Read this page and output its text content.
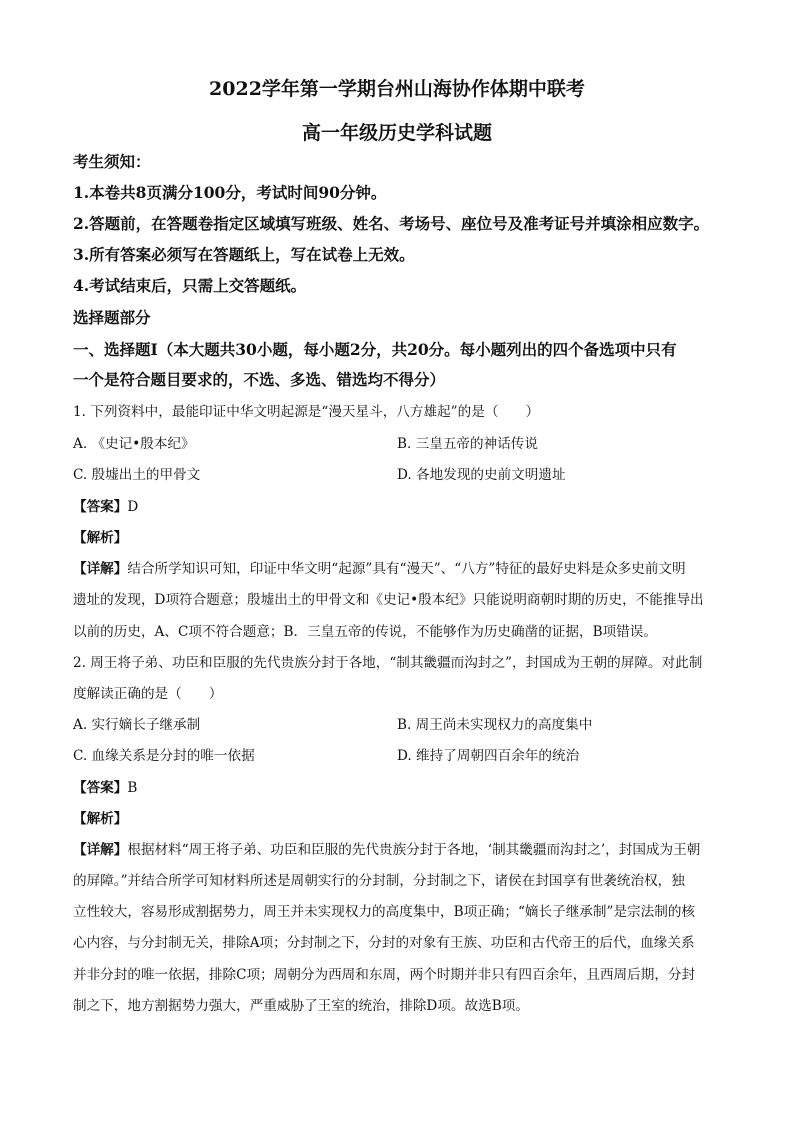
2022学年第一学期台州山海协作体期中联考
高一年级历史学科试题

考生须知：

1.本卷共8页满分100分，考试时间90分钟。

2.答题前，在答题卷指定区域填写班级、姓名、考场号、座位号及准考证号并填涂相应数字。

3.所有答案必须写在答题纸上，写在试卷上无效。

4.考试结束后，只需上交答题纸。

选择题部分

一、选择题Ⅰ（本大题共30小题，每小题2分，共20分。每小题列出的四个备选项中只有

一个是符合题目要求的，不选、多选、错选均不得分）

1. 下列资料中，最能印证中华文明起源是“漫天星斗，八方雄起”的是（　　）

A. 《史记•殷本纪》	B. 三皇五帝的神话传说

C. 殷墟出土的甲骨文	D. 各地发现的史前文明遗址

【答案】D

【解析】

【详解】结合所学知识可知，印证中华文明“起源”具有“漫天”、“八方”特征的最好史料是众多史前文明

遗址的发现，D项符合题意；殷墟出土的甲骨文和《史记•殷本纪》只能说明商朝时期的历史，不能推导出

以前的历史，A、C项不符合题意；B．三皇五帝的传说，不能够作为历史确凿的证据，B项错误。

2. 周王将子弟、功臣和臣服的先代贵族分封于各地，“制其畿疆而沟封之”，封国成为王朝的屏障。对此制

度解读正确的是（　　）

A. 实行嫡长子继承制	B. 周王尚未实现权力的高度集中

C. 血缘关系是分封的唯一依据	D. 维持了周朝四百余年的统治

【答案】B

【解析】

【详解】根据材料“周王将子弟、功臣和臣服的先代贵族分封于各地，‘制其畿疆而沟封之’，封国成为王朝

的屏障。”并结合所学可知材料所述是周朝实行的分封制，分封制之下，诸侯在封国享有世袭统治权，独

立性较大，容易形成割据势力，周王并未实现权力的高度集中，B项正确；“嫡长子继承制”是宗法制的核

心内容，与分封制无关，排除A项；分封制之下，分封的对象有王族、功臣和古代帝王的后代，血缘关系

并非分封的唯一依据，排除C项；周朝分为西周和东周，两个时期并非只有四百余年，且西周后期，分封

制之下，地方割据势力强大，严重威胁了王室的统治，排除D项。故选B项。
